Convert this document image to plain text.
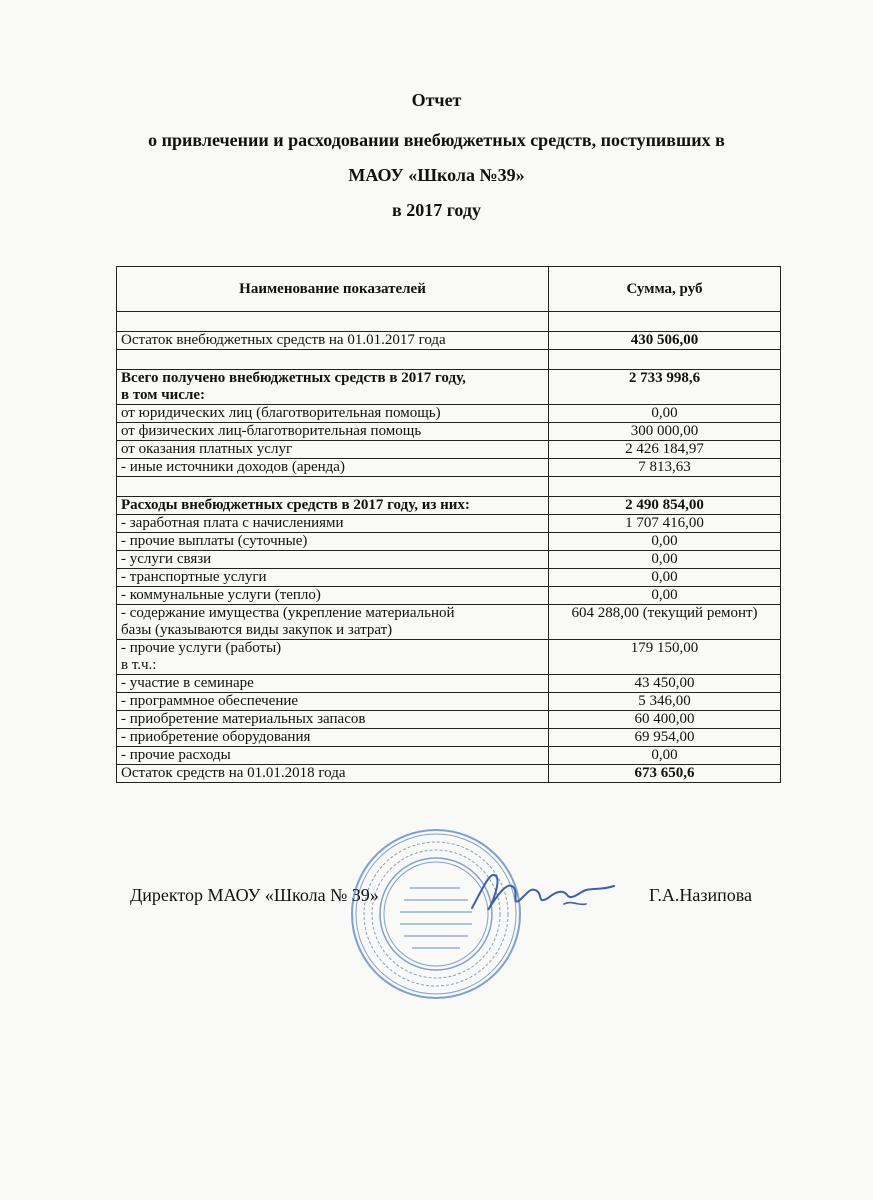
Отчет
о привлечении и расходовании внебюджетных средств, поступивших в
МАОУ «Школа №39»
в 2017 году
Наименование показателей	Сумма, руб

Остаток внебюджетных средств на 01.01.2017 года	430 506,00

Всего получено внебюджетных средств в 2017 году,
в том числе:	2 733 998,6
от юридических лиц (благотворительная помощь)	0,00
от физических лиц-благотворительная помощь	300 000,00
от оказания платных услуг	2 426 184,97
- иные источники доходов (аренда)	7 813,63

Расходы внебюджетных средств в 2017 году, из них:	2 490 854,00
- заработная плата с начислениями	1 707 416,00
- прочие выплаты (суточные)	0,00
- услуги связи	0,00
- транспортные услуги	0,00
- коммунальные услуги (тепло)	0,00
- содержание имущества (укрепление материальной
базы (указываются виды закупок и затрат)	604 288,00 (текущий ремонт)
- прочие услуги (работы)
в т.ч.:	179 150,00
- участие в семинаре	43 450,00
- программное обеспечение	5 346,00
- приобретение материальных запасов	60 400,00
- приобретение оборудования	69 954,00
- прочие расходы	0,00
Остаток средств на 01.01.2018 года	673 650,6
Директор МАОУ «Школа № 39»	Г.А.Назипова
